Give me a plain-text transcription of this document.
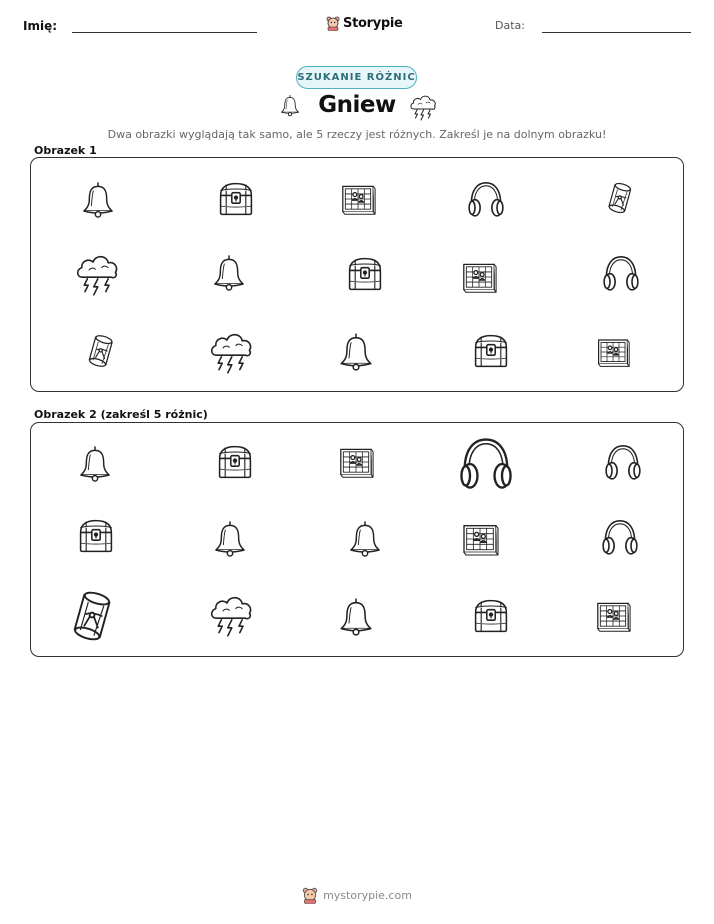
Imię:	Storypie	Data:
SZUKANIE RÓŻNIC
Gniew
Dwa obrazki wyglądają tak samo, ale 5 rzeczy jest różnych. Zakreśl je na dolnym obrazku!
Obrazek 1
Obrazek 2 (zakreśl 5 różnic)
mystorypie.com
